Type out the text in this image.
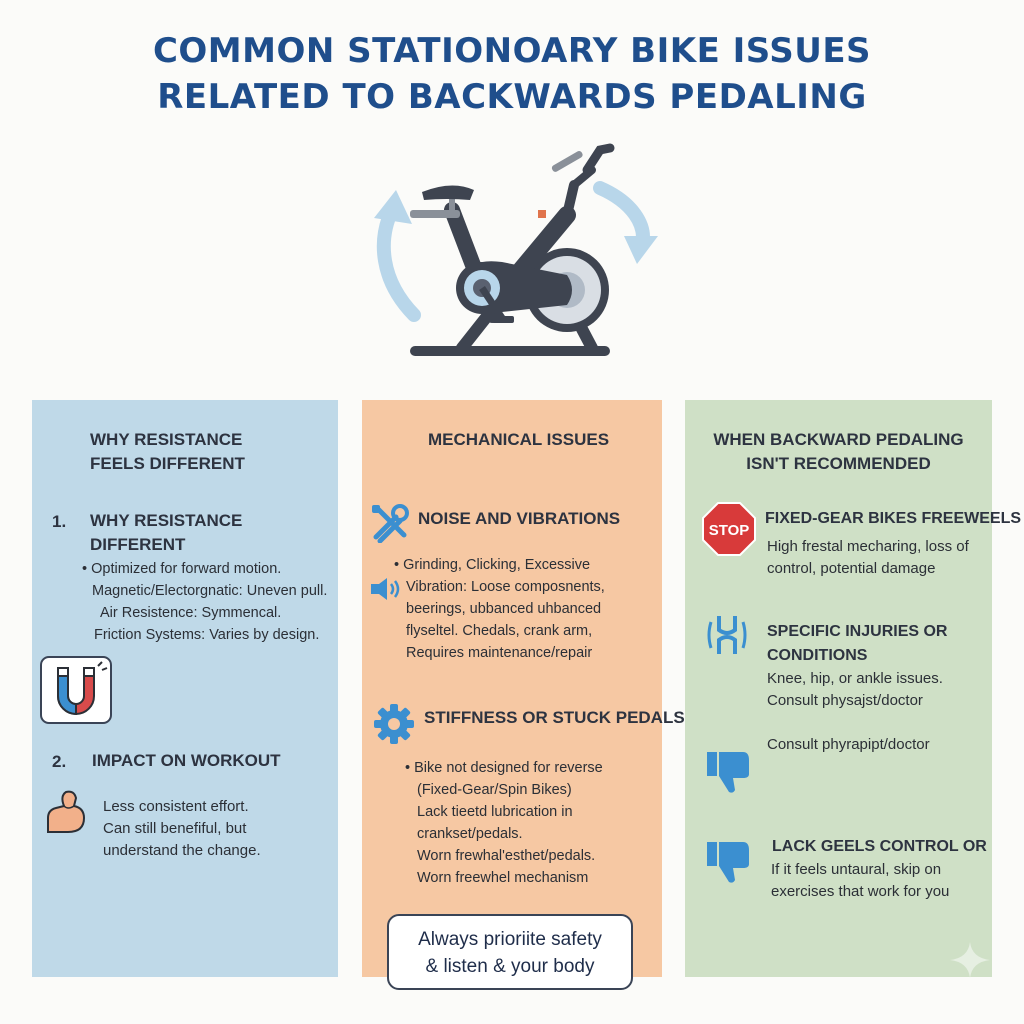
COMMON STATIONOARY BIKE ISSUES
RELATED TO BACKWARDS PEDALING
WHY RESISTANCE
FEELS DIFFERENT
1. WHY RESISTANCE
DIFFERENT
• Optimized for forward motion.
Magnetic/Electorgnatic: Uneven pull.
Air Resistence: Symmencal.
Friction Systems: Varies by design.
2. IMPACT ON WORKOUT
Less consistent effort.
Can still benefiful, but
understand the change.
MECHANICAL ISSUES
NOISE AND VIBRATIONS
• Grinding, Clicking, Excessive
Vibration: Loose composnents,
beerings, ubbanced uhbanced
flyseltel. Chedals, crank arm,
Requires maintenance/repair
STIFFNESS OR STUCK PEDALS
• Bike not designed for reverse
(Fixed-Gear/Spin Bikes)
Lack tieetd lubrication in
crankset/pedals.
Worn frewhal'esthet/pedals.
Worn freewhel mechanism
WHEN BACKWARD PEDALING
ISN'T RECOMMENDED
STOP
FIXED-GEAR BIKES FREEWEELS
High frestal mecharing, loss of
control, potential damage
SPECIFIC INJURIES OR
CONDITIONS
Knee, hip, or ankle issues.
Consult physajst/doctor
Consult phyrapipt/doctor
LACK GEELS CONTROL OR
If it feels untaural, skip on
exercises that work for you
Always prioriite safety
& listen & your body
